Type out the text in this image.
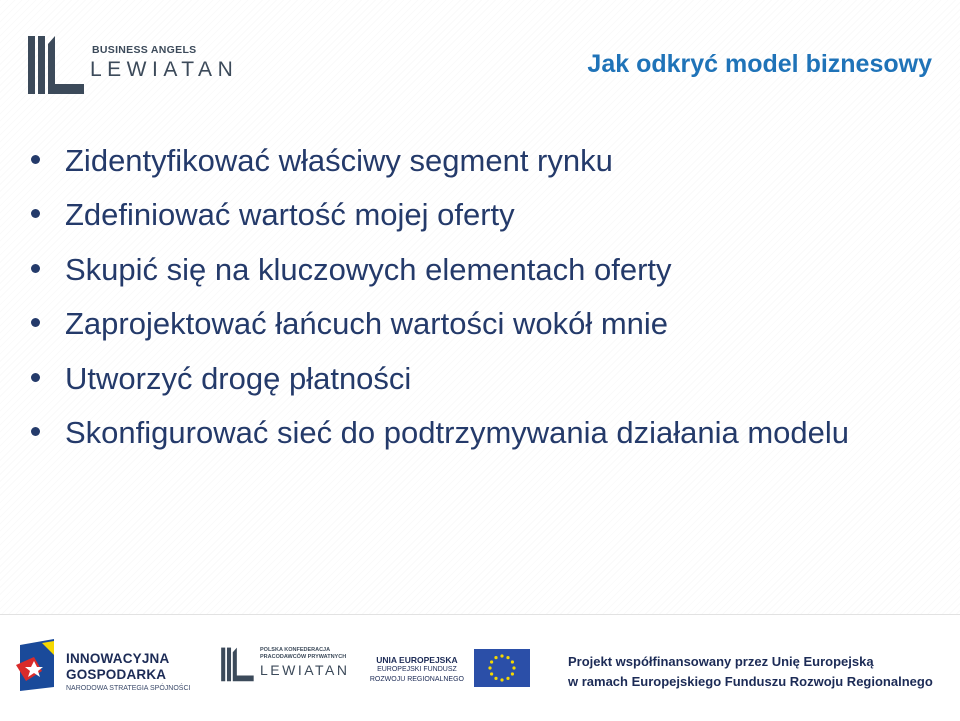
BUSINESS ANGELS
LEWIATAN	Jak odkryć model biznesowy
Zidentyfikować właściwy segment rynku
Zdefiniować wartość mojej oferty
Skupić się na kluczowych elementach oferty
Zaprojektować łańcuch wartości wokół mnie
Utworzyć drogę płatności
Skonfigurować sieć do podtrzymywania działania modelu
INNOWACYJNA
GOSPODARKA
NARODOWA STRATEGIA SPÓJNOŚCI
POLSKA KONFEDERACJA
PRACODAWCÓW PRYWATNYCH
LEWIATAN
UNIA EUROPEJSKA
EUROPEJSKI FUNDUSZ
ROZWOJU REGIONALNEGO
Projekt współfinansowany przez Unię Europejską
w ramach Europejskiego Funduszu Rozwoju Regionalnego
